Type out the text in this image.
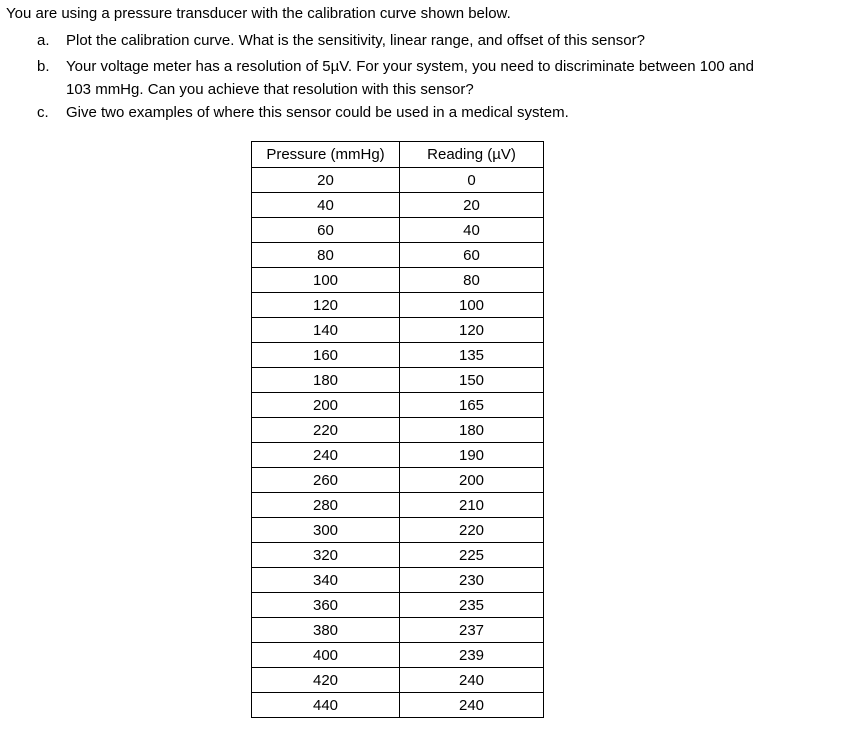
You are using a pressure transducer with the calibration curve shown below.
a. Plot the calibration curve. What is the sensitivity, linear range, and offset of this sensor?
b. Your voltage meter has a resolution of 5µV. For your system, you need to discriminate between 100 and
103 mmHg. Can you achieve that resolution with this sensor?
c. Give two examples of where this sensor could be used in a medical system.
Pressure (mmHg)	Reading (µV)
20	0
40	20
60	40
80	60
100	80
120	100
140	120
160	135
180	150
200	165
220	180
240	190
260	200
280	210
300	220
320	225
340	230
360	235
380	237
400	239
420	240
440	240
